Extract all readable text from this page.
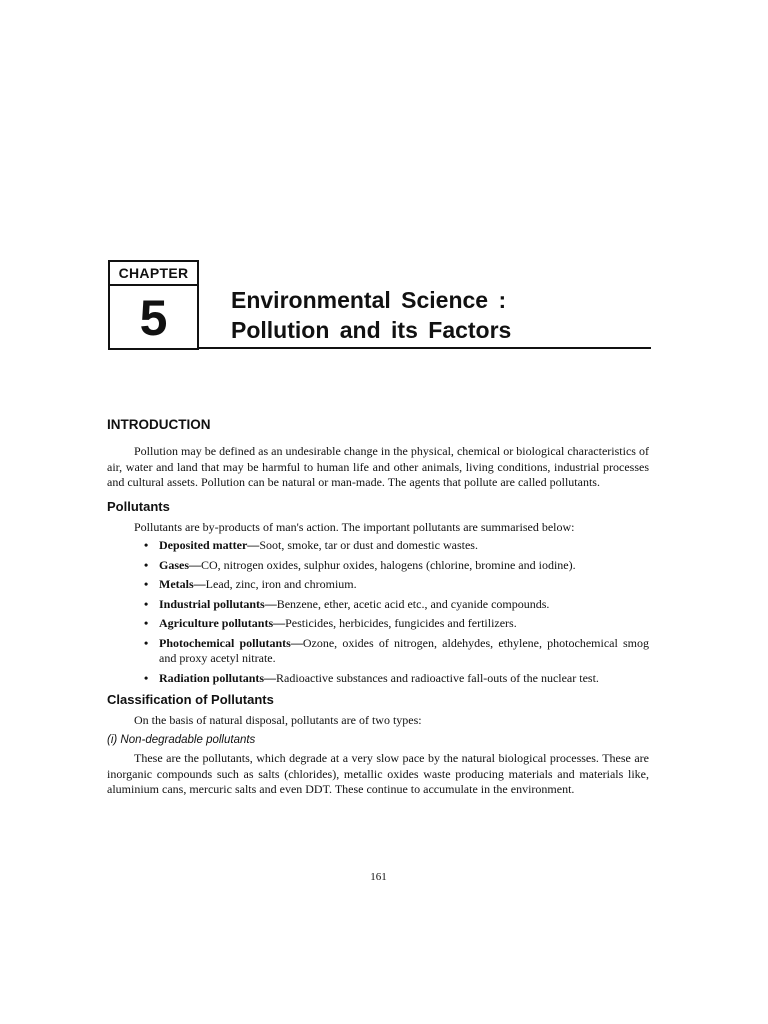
CHAPTER
5	Environmental Science :
Pollution and its Factors
INTRODUCTION

Pollution may be defined as an undesirable change in the physical, chemical or biological characteristics of air, water and land that may be harmful to human life and other animals, living conditions, industrial processes and cultural assets. Pollution can be natural or man-made. The agents that pollute are called pollutants.

Pollutants

Pollutants are by-products of man's action. The important pollutants are summarised below:

• Deposited matter—Soot, smoke, tar or dust and domestic wastes.
• Gases—CO, nitrogen oxides, sulphur oxides, halogens (chlorine, bromine and iodine).
• Metals—Lead, zinc, iron and chromium.
• Industrial pollutants—Benzene, ether, acetic acid etc., and cyanide compounds.
• Agriculture pollutants—Pesticides, herbicides, fungicides and fertilizers.
• Photochemical pollutants—Ozone, oxides of nitrogen, aldehydes, ethylene, photochemical smog and proxy acetyl nitrate.
• Radiation pollutants—Radioactive substances and radioactive fall-outs of the nuclear test.
Classification of Pollutants

On the basis of natural disposal, pollutants are of two types:

(i) Non-degradable pollutants

These are the pollutants, which degrade at a very slow pace by the natural biological processes. These are inorganic compounds such as salts (chlorides), metallic oxides waste producing materials and materials like, aluminium cans, mercuric salts and even DDT. These continue to accumulate in the environment.

161
